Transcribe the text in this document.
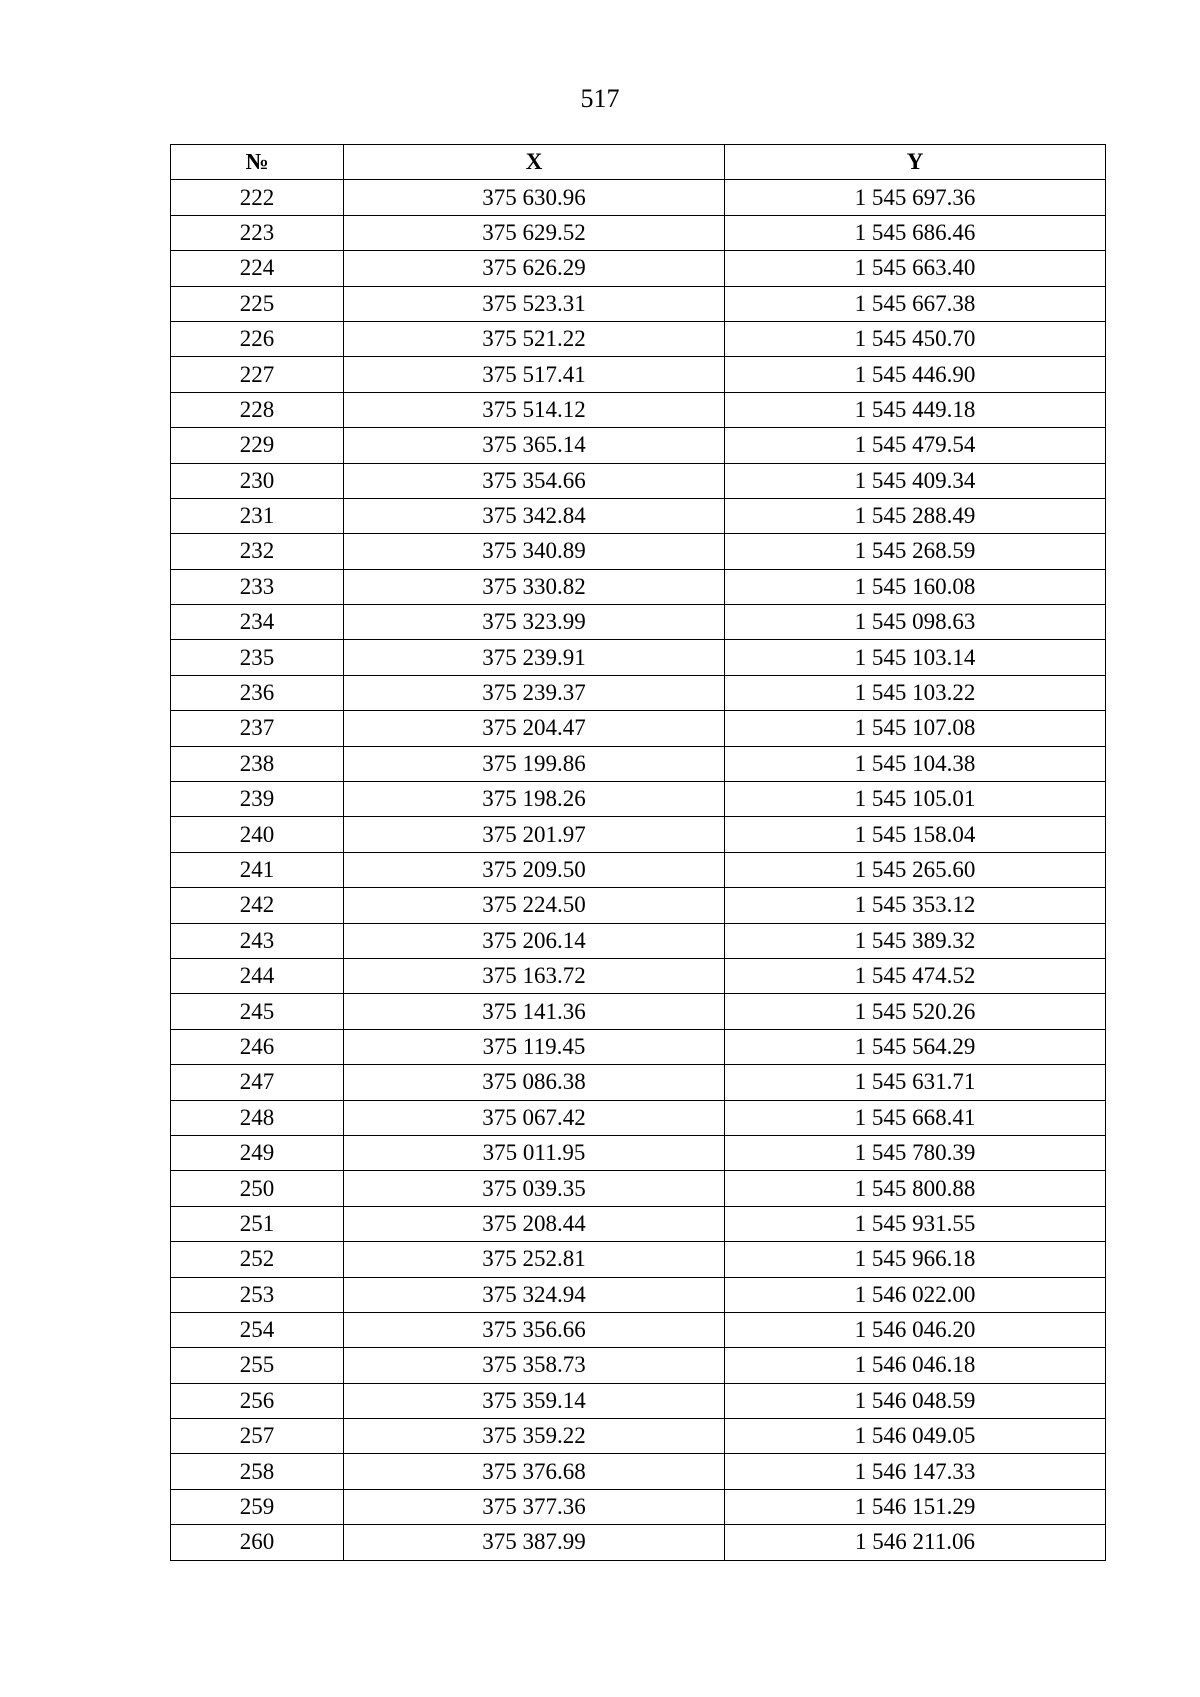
517
№	X	Y
222	375 630.96	1 545 697.36
223	375 629.52	1 545 686.46
224	375 626.29	1 545 663.40
225	375 523.31	1 545 667.38
226	375 521.22	1 545 450.70
227	375 517.41	1 545 446.90
228	375 514.12	1 545 449.18
229	375 365.14	1 545 479.54
230	375 354.66	1 545 409.34
231	375 342.84	1 545 288.49
232	375 340.89	1 545 268.59
233	375 330.82	1 545 160.08
234	375 323.99	1 545 098.63
235	375 239.91	1 545 103.14
236	375 239.37	1 545 103.22
237	375 204.47	1 545 107.08
238	375 199.86	1 545 104.38
239	375 198.26	1 545 105.01
240	375 201.97	1 545 158.04
241	375 209.50	1 545 265.60
242	375 224.50	1 545 353.12
243	375 206.14	1 545 389.32
244	375 163.72	1 545 474.52
245	375 141.36	1 545 520.26
246	375 119.45	1 545 564.29
247	375 086.38	1 545 631.71
248	375 067.42	1 545 668.41
249	375 011.95	1 545 780.39
250	375 039.35	1 545 800.88
251	375 208.44	1 545 931.55
252	375 252.81	1 545 966.18
253	375 324.94	1 546 022.00
254	375 356.66	1 546 046.20
255	375 358.73	1 546 046.18
256	375 359.14	1 546 048.59
257	375 359.22	1 546 049.05
258	375 376.68	1 546 147.33
259	375 377.36	1 546 151.29
260	375 387.99	1 546 211.06
